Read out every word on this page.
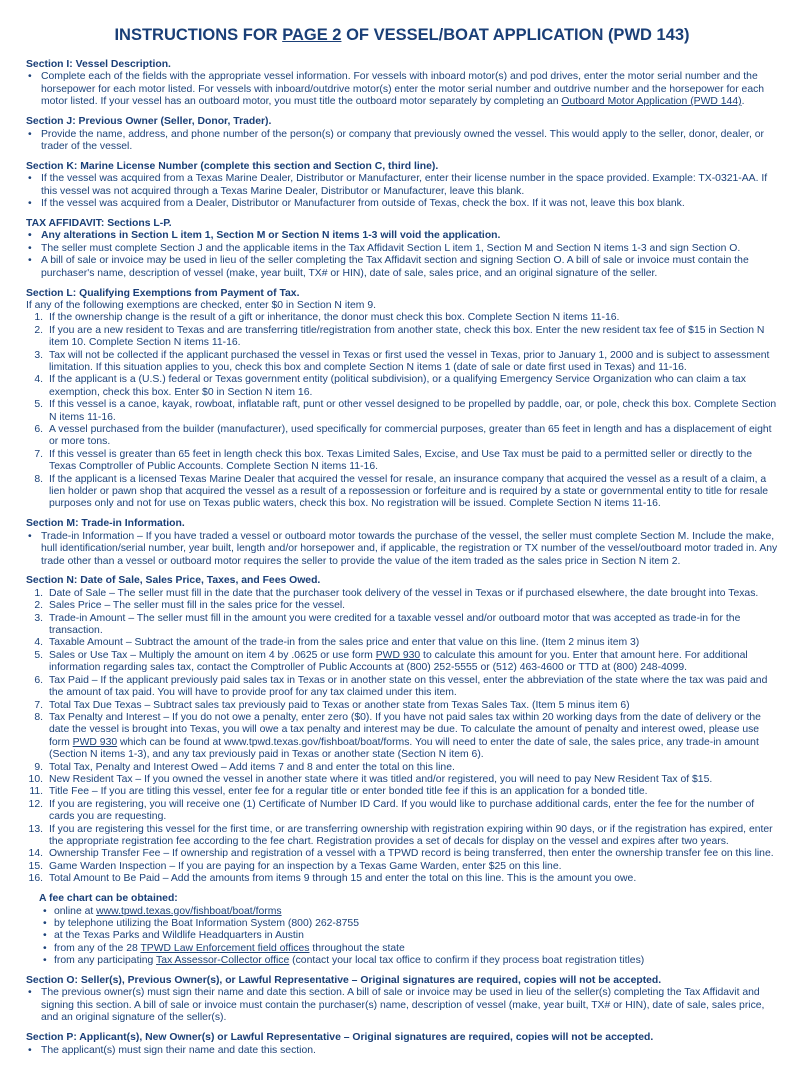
INSTRUCTIONS FOR PAGE 2 OF VESSEL/BOAT APPLICATION (PWD 143)
Section I: Vessel Description.
• Complete each of the fields with the appropriate vessel information. For vessels with inboard motor(s) and pod drives, enter the motor serial number and the horsepower for each motor listed. For vessels with inboard/outdrive motor(s) enter the motor serial number and outdrive number and the horsepower for each motor listed. If your vessel has an outboard motor, you must title the outboard motor separately by completing an Outboard Motor Application (PWD 144).
Section J: Previous Owner (Seller, Donor, Trader).
• Provide the name, address, and phone number of the person(s) or company that previously owned the vessel. This would apply to the seller, donor, dealer, or trader of the vessel.
Section K: Marine License Number (complete this section and Section C, third line).
• If the vessel was acquired from a Texas Marine Dealer, Distributor or Manufacturer, enter their license number in the space provided. Example: TX-0321-AA. If this vessel was not acquired through a Texas Marine Dealer, Distributor or Manufacturer, leave this blank.
• If the vessel was acquired from a Dealer, Distributor or Manufacturer from outside of Texas, check the box. If it was not, leave this box blank.
TAX AFFIDAVIT: Sections L-P.
• Any alterations in Section L item 1, Section M or Section N items 1-3 will void the application.
• The seller must complete Section J and the applicable items in the Tax Affidavit Section L item 1, Section M and Section N items 1-3 and sign Section O.
• A bill of sale or invoice may be used in lieu of the seller completing the Tax Affidavit section and signing Section O. A bill of sale or invoice must contain the purchaser's name, description of vessel (make, year built, TX# or HIN), date of sale, sales price, and an original signature of the seller.
Section L: Qualifying Exemptions from Payment of Tax.
If any of the following exemptions are checked, enter $0 in Section N item 9.
1. If the ownership change is the result of a gift or inheritance, the donor must check this box. Complete Section N items 11-16.
2. If you are a new resident to Texas and are transferring title/registration from another state, check this box. Enter the new resident tax fee of $15 in Section N item 10. Complete Section N items 11-16.
3. Tax will not be collected if the applicant purchased the vessel in Texas or first used the vessel in Texas, prior to January 1, 2000 and is subject to assessment limitation. If this situation applies to you, check this box and complete Section N items 1 (date of sale or date first used in Texas) and 11-16.
4. If the applicant is a (U.S.) federal or Texas government entity (political subdivision), or a qualifying Emergency Service Organization who can claim a tax exemption, check this box. Enter $0 in Section N item 16.
5. If this vessel is a canoe, kayak, rowboat, inflatable raft, punt or other vessel designed to be propelled by paddle, oar, or pole, check this box. Complete Section N items 11-16.
6. A vessel purchased from the builder (manufacturer), used specifically for commercial purposes, greater than 65 feet in length and has a displacement of eight or more tons.
7. If this vessel is greater than 65 feet in length check this box. Texas Limited Sales, Excise, and Use Tax must be paid to a permitted seller or directly to the Texas Comptroller of Public Accounts. Complete Section N items 11-16.
8. If the applicant is a licensed Texas Marine Dealer that acquired the vessel for resale, an insurance company that acquired the vessel as a result of a claim, a lien holder or pawn shop that acquired the vessel as a result of a repossession or forfeiture and is required by a state or governmental entity to title for resale purposes only and not for use on Texas public waters, check this box. No registration will be issued. Complete Section N items 11-16.
Section M: Trade-in Information.
• Trade-in Information – If you have traded a vessel or outboard motor towards the purchase of the vessel, the seller must complete Section M. Include the make, hull identification/serial number, year built, length and/or horsepower and, if applicable, the registration or TX number of the vessel/outboard motor traded in. Any trade other than a vessel or outboard motor requires the seller to provide the value of the item traded as the sales price in Section N item 2.
Section N: Date of Sale, Sales Price, Taxes, and Fees Owed.
1. Date of Sale – The seller must fill in the date that the purchaser took delivery of the vessel in Texas or if purchased elsewhere, the date brought into Texas.
2. Sales Price – The seller must fill in the sales price for the vessel.
3. Trade-in Amount – The seller must fill in the amount you were credited for a taxable vessel and/or outboard motor that was accepted as trade-in for the transaction.
4. Taxable Amount – Subtract the amount of the trade-in from the sales price and enter that value on this line. (Item 2 minus item 3)
5. Sales or Use Tax – Multiply the amount on item 4 by .0625 or use form PWD 930 to calculate this amount for you. Enter that amount here. For additional information regarding sales tax, contact the Comptroller of Public Accounts at (800) 252-5555 or (512) 463-4600 or TTD at (800) 248-4099.
6. Tax Paid – If the applicant previously paid sales tax in Texas or in another state on this vessel, enter the abbreviation of the state where the tax was paid and the amount of tax paid. You will have to provide proof for any tax claimed under this item.
7. Total Tax Due Texas – Subtract sales tax previously paid to Texas or another state from Texas Sales Tax. (Item 5 minus item 6)
8. Tax Penalty and Interest – If you do not owe a penalty, enter zero ($0). If you have not paid sales tax within 20 working days from the date of delivery or the date the vessel is brought into Texas, you will owe a tax penalty and interest may be due. To calculate the amount of penalty and interest owed, please use form PWD 930 which can be found at www.tpwd.texas.gov/fishboat/boat/forms. You will need to enter the date of sale, the sales price, any trade-in amount (Section N items 1-3), and any tax previously paid in Texas or another state (Section N item 6).
9. Total Tax, Penalty and Interest Owed – Add items 7 and 8 and enter the total on this line.
10. New Resident Tax – If you owned the vessel in another state where it was titled and/or registered, you will need to pay New Resident Tax of $15.
11. Title Fee – If you are titling this vessel, enter fee for a regular title or enter bonded title fee if this is an application for a bonded title.
12. If you are registering, you will receive one (1) Certificate of Number ID Card. If you would like to purchase additional cards, enter the fee for the number of cards you are requesting.
13. If you are registering this vessel for the first time, or are transferring ownership with registration expiring within 90 days, or if the registration has expired, enter the appropriate registration fee according to the fee chart. Registration provides a set of decals for display on the vessel and expires after two years.
14. Ownership Transfer Fee – If ownership and registration of a vessel with a TPWD record is being transferred, then enter the ownership transfer fee on this line.
15. Game Warden Inspection – If you are paying for an inspection by a Texas Game Warden, enter $25 on this line.
16. Total Amount to Be Paid – Add the amounts from items 9 through 15 and enter the total on this line. This is the amount you owe.
A fee chart can be obtained:
• online at www.tpwd.texas.gov/fishboat/boat/forms
• by telephone utilizing the Boat Information System (800) 262-8755
• at the Texas Parks and Wildlife Headquarters in Austin
• from any of the 28 TPWD Law Enforcement field offices throughout the state
• from any participating Tax Assessor-Collector office (contact your local tax office to confirm if they process boat registration titles)
Section O: Seller(s), Previous Owner(s), or Lawful Representative – Original signatures are required, copies will not be accepted.
• The previous owner(s) must sign their name and date this section. A bill of sale or invoice may be used in lieu of the seller(s) completing the Tax Affidavit and signing this section. A bill of sale or invoice must contain the purchaser(s) name, description of vessel (make, year built, TX# or HIN), date of sale, sales price, and an original signature of the seller(s).
Section P: Applicant(s), New Owner(s) or Lawful Representative – Original signatures are required, copies will not be accepted.
• The applicant(s) must sign their name and date this section.
